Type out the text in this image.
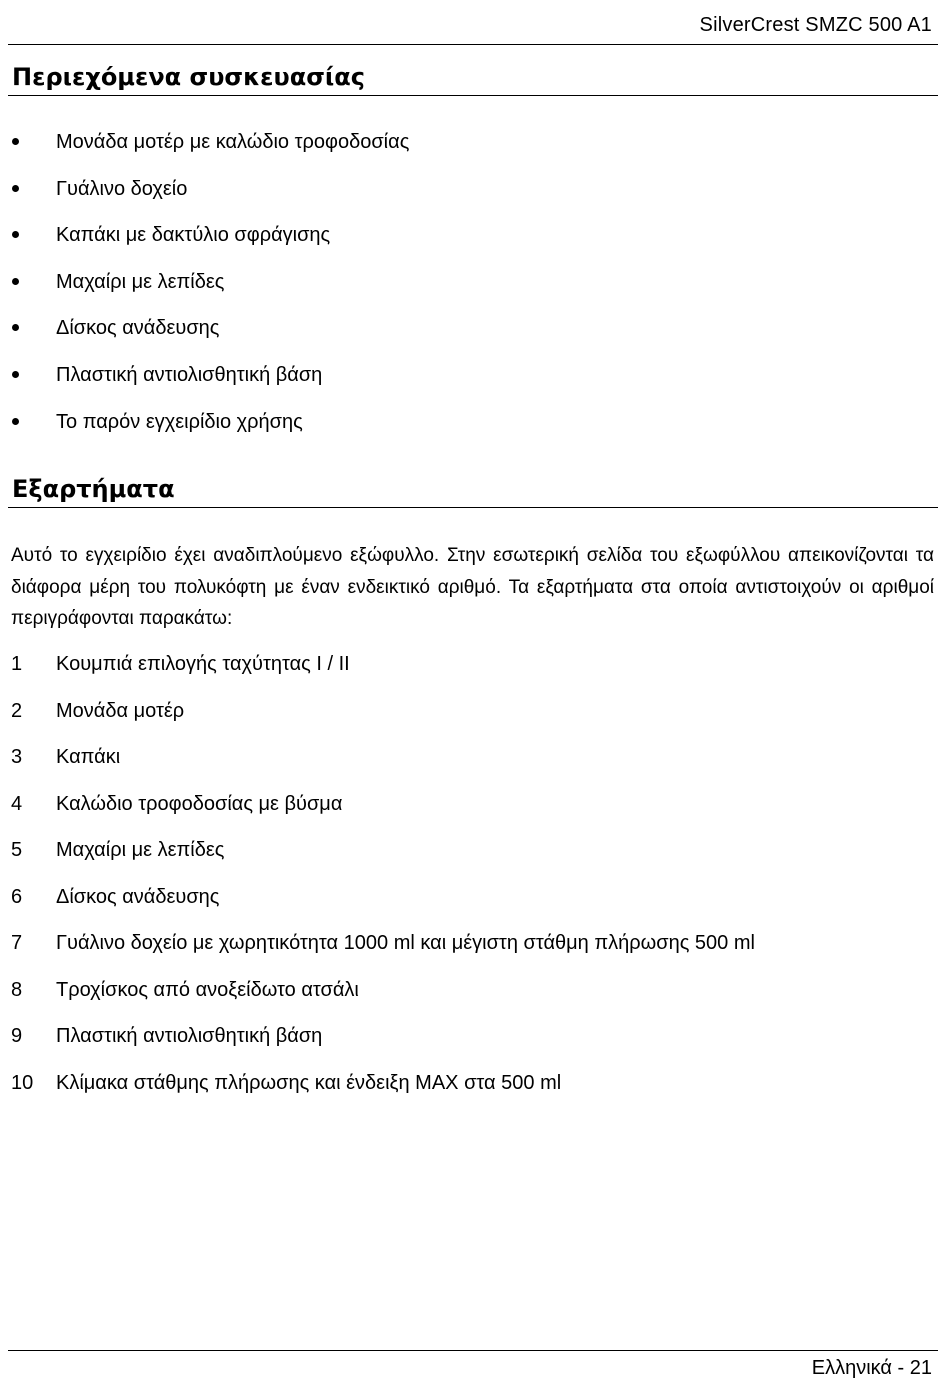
SilverCrest SMZC 500 A1
Περιεχόμενα συσκευασίας
Μονάδα μοτέρ με καλώδιο τροφοδοσίας
Γυάλινο δοχείο
Καπάκι με δακτύλιο σφράγισης
Μαχαίρι με λεπίδες
Δίσκος ανάδευσης
Πλαστική αντιολισθητική βάση
Το παρόν εγχειρίδιο χρήσης
Εξαρτήματα

Αυτό το εγχειρίδιο έχει αναδιπλούμενο εξώφυλλο. Στην εσωτερική σελίδα του εξωφύλλου απεικονίζονται τα διάφορα μέρη του πολυκόφτη με έναν ενδεικτικό αριθμό. Τα εξαρτήματα στα οποία αντιστοιχούν οι αριθμοί περιγράφονται παρακάτω:

1 Κουμπιά επιλογής ταχύτητας I / II
2 Μονάδα μοτέρ
3 Καπάκι
4 Καλώδιο τροφοδοσίας με βύσμα
5 Μαχαίρι με λεπίδες
6 Δίσκος ανάδευσης
7 Γυάλινο δοχείο με χωρητικότητα 1000 ml και μέγιστη στάθμη πλήρωσης 500 ml
8 Τροχίσκος από ανοξείδωτο ατσάλι
9 Πλαστική αντιολισθητική βάση
10 Κλίμακα στάθμης πλήρωσης και ένδειξη MAX στα 500 ml
Ελληνικά - 21
